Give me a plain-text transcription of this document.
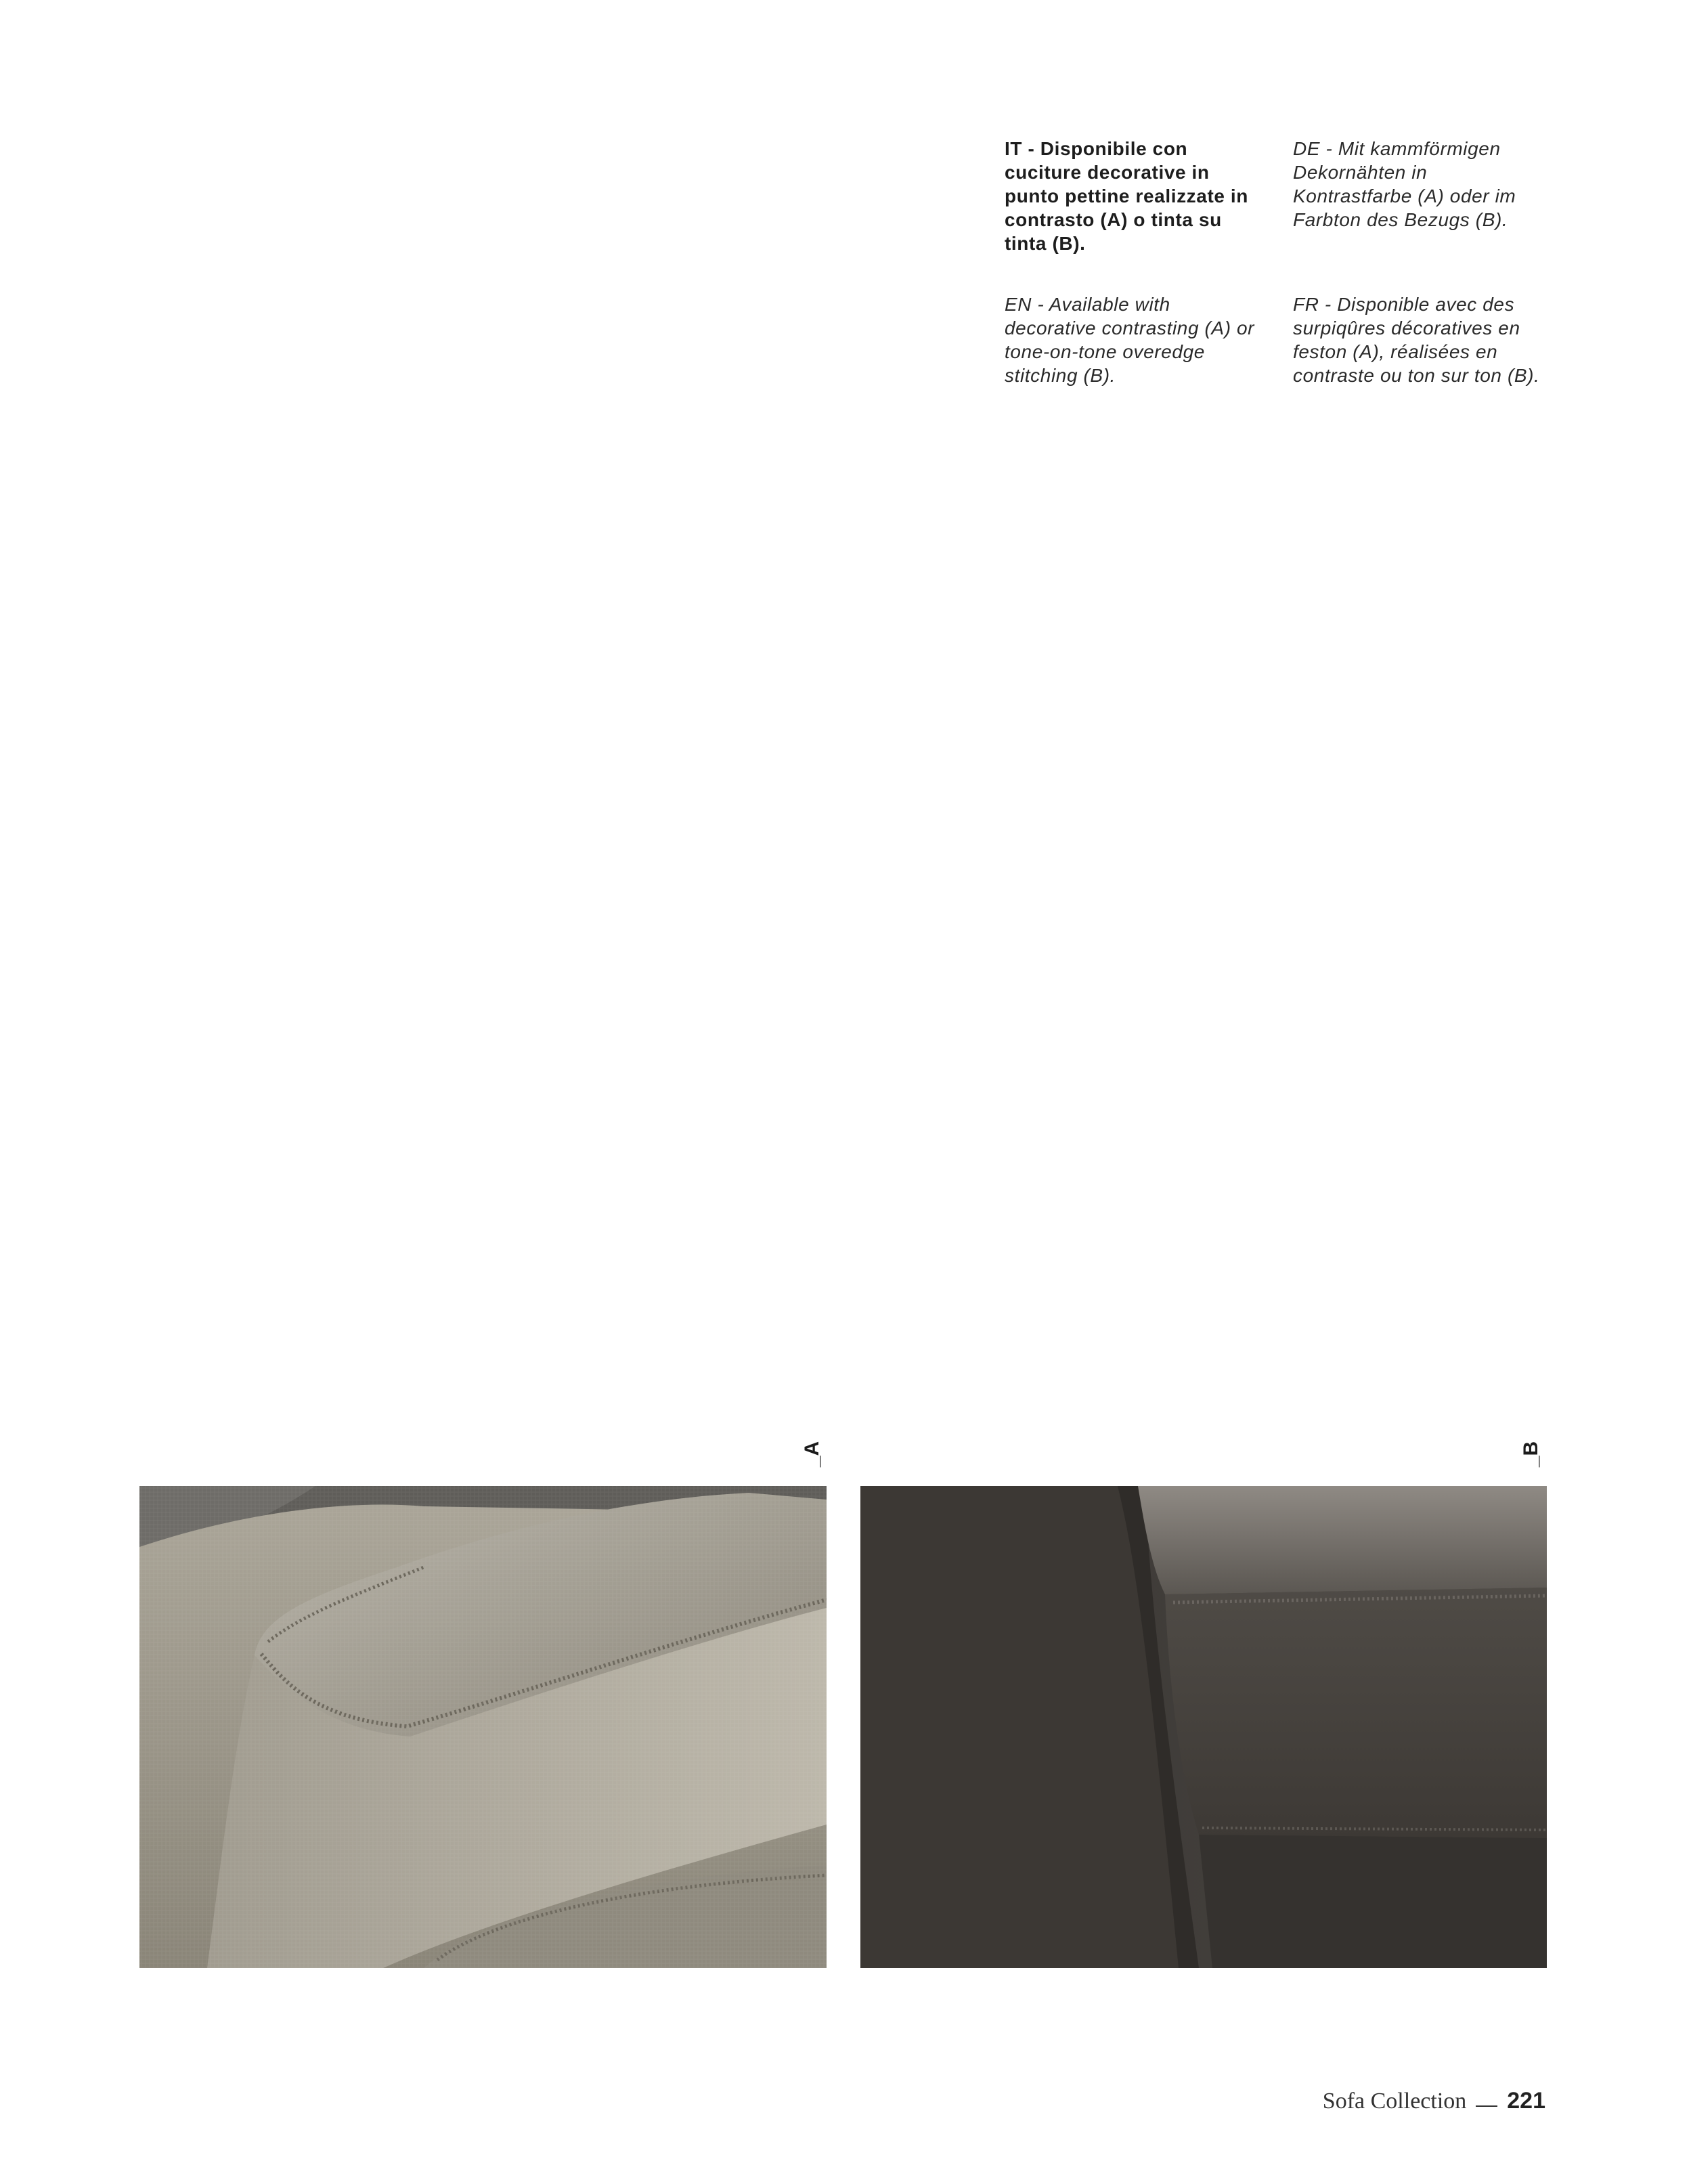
IT - Disponibile con cuciture decorative in punto pettine realizzate in contrasto (A) o tinta su tinta (B).
DE - Mit kammförmigen Dekornähten in Kontrastfarbe (A) oder im Farbton des Bezugs (B).
EN - Available with decorative contrasting (A) or tone-on-tone overedge stitching (B).
FR - Disponible avec des surpiqûres décoratives en feston (A), réalisées en contraste ou ton sur ton (B).
_A	_B
Sofa Collection 221
